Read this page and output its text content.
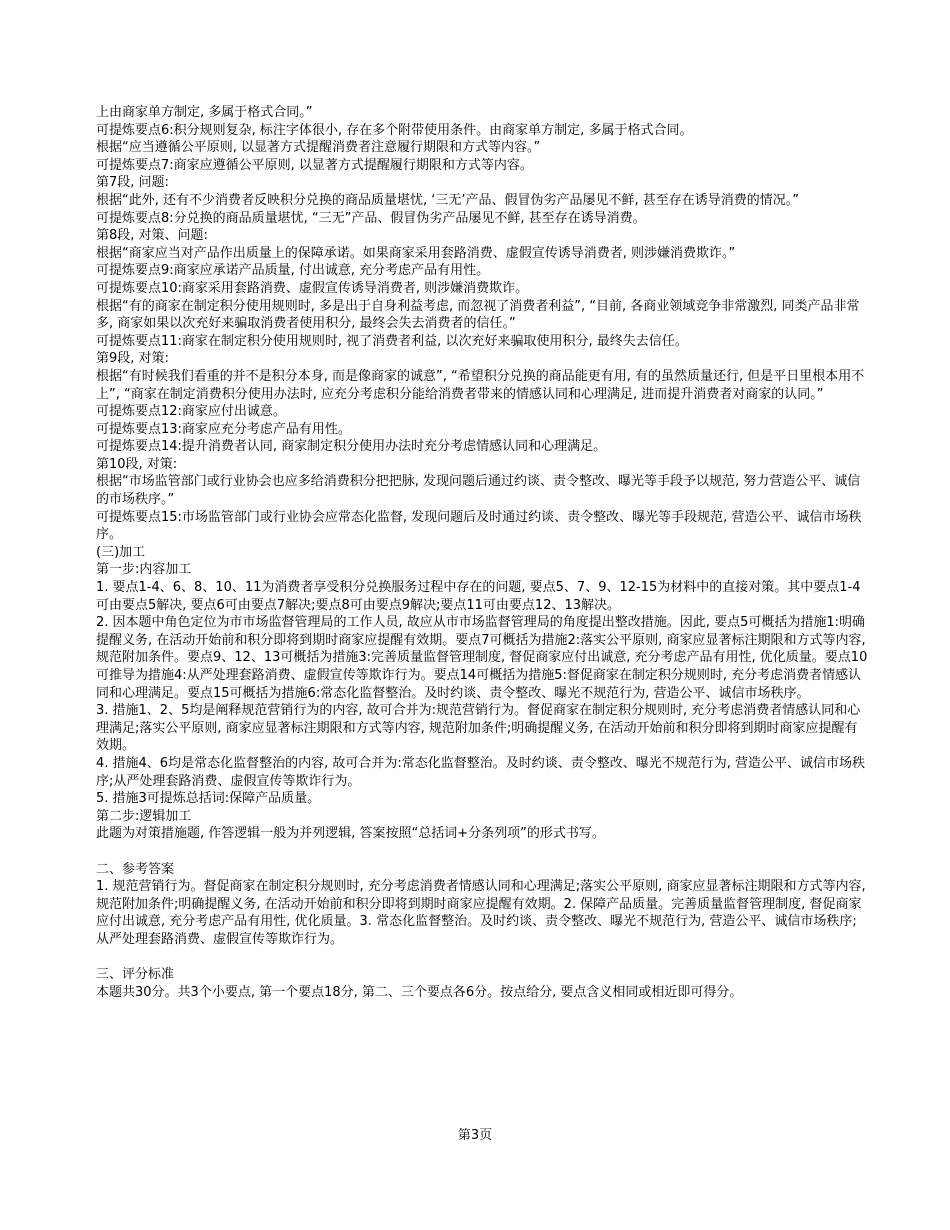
上由商家单方制定, 多属于格式合同。”
可提炼要点6:积分规则复杂, 标注字体很小, 存在多个附带使用条件。由商家单方制定, 多属于格式合同。
根据“应当遵循公平原则, 以显著方式提醒消费者注意履行期限和方式等内容。”
可提炼要点7:商家应遵循公平原则, 以显著方式提醒履行期限和方式等内容。
第7段, 问题:
根据“此外, 还有不少消费者反映积分兑换的商品质量堪忧, ‘三无’产品、假冒伪劣产品屡见不鲜, 甚至存在诱导消费的情况。”
可提炼要点8:分兑换的商品质量堪忧, “三无”产品、假冒伪劣产品屡见不鲜, 甚至存在诱导消费。
第8段, 对策、问题:
根据“商家应当对产品作出质量上的保障承诺。如果商家采用套路消费、虚假宣传诱导消费者, 则涉嫌消费欺诈。”
可提炼要点9:商家应承诺产品质量, 付出诚意, 充分考虑产品有用性。
可提炼要点10:商家采用套路消费、虚假宣传诱导消费者, 则涉嫌消费欺诈。
根据“有的商家在制定积分使用规则时, 多是出于自身利益考虑, 而忽视了消费者利益”, “目前, 各商业领域竞争非常激烈, 同类产品非常多, 商家如果以次充好来骗取消费者使用积分, 最终会失去消费者的信任。”
可提炼要点11:商家在制定积分使用规则时, 视了消费者利益, 以次充好来骗取使用积分, 最终失去信任。
第9段, 对策:
根据“有时候我们看重的并不是积分本身, 而是像商家的诚意”, “希望积分兑换的商品能更有用, 有的虽然质量还行, 但是平日里根本用不上”, “商家在制定消费积分使用办法时, 应充分考虑积分能给消费者带来的情感认同和心理满足, 进而提升消费者对商家的认同。”
可提炼要点12:商家应付出诚意。
可提炼要点13:商家应充分考虑产品有用性。
可提炼要点14:提升消费者认同, 商家制定积分使用办法时充分考虑情感认同和心理满足。
第10段, 对策:
根据“市场监管部门或行业协会也应多给消费积分把把脉, 发现问题后通过约谈、责令整改、曝光等手段予以规范, 努力营造公平、诚信的市场秩序。”
可提炼要点15:市场监管部门或行业协会应常态化监督, 发现问题后及时通过约谈、责令整改、曝光等手段规范, 营造公平、诚信市场秩序。
(三)加工
第一步:内容加工
1. 要点1-4、6、8、10、11为消费者享受积分兑换服务过程中存在的问题, 要点5、7、9、12-15为材料中的直接对策。其中要点1-4可由要点5解决, 要点6可由要点7解决;要点8可由要点9解决;要点11可由要点12、13解决。
2. 因本题中角色定位为市市场监督管理局的工作人员, 故应从市市场监督管理局的角度提出整改措施。因此, 要点5可概括为措施1:明确提醒义务, 在活动开始前和积分即将到期时商家应提醒有效期。要点7可概括为措施2:落实公平原则, 商家应显著标注期限和方式等内容, 规范附加条件。要点9、12、13可概括为措施3:完善质量监督管理制度, 督促商家应付出诚意, 充分考虑产品有用性, 优化质量。要点10可推导为措施4:从严处理套路消费、虚假宣传等欺诈行为。要点14可概括为措施5:督促商家在制定积分规则时, 充分考虑消费者情感认同和心理满足。要点15可概括为措施6:常态化监督整治。及时约谈、责令整改、曝光不规范行为, 营造公平、诚信市场秩序。
3. 措施1、2、5均是阐释规范营销行为的内容, 故可合并为:规范营销行为。督促商家在制定积分规则时, 充分考虑消费者情感认同和心理满足;落实公平原则, 商家应显著标注期限和方式等内容, 规范附加条件;明确提醒义务, 在活动开始前和积分即将到期时商家应提醒有效期。
4. 措施4、6均是常态化监督整治的内容, 故可合并为:常态化监督整治。及时约谈、责令整改、曝光不规范行为, 营造公平、诚信市场秩序;从严处理套路消费、虚假宣传等欺诈行为。
5. 措施3可提炼总括词:保障产品质量。
第二步:逻辑加工
此题为对策措施题, 作答逻辑一般为并列逻辑, 答案按照“总括词+分条列项”的形式书写。
二、参考答案
1. 规范营销行为。督促商家在制定积分规则时, 充分考虑消费者情感认同和心理满足;落实公平原则, 商家应显著标注期限和方式等内容, 规范附加条件;明确提醒义务, 在活动开始前和积分即将到期时商家应提醒有效期。2. 保障产品质量。完善质量监督管理制度, 督促商家应付出诚意, 充分考虑产品有用性, 优化质量。3. 常态化监督整治。及时约谈、责令整改、曝光不规范行为, 营造公平、诚信市场秩序;从严处理套路消费、虚假宣传等欺诈行为。
三、评分标准
本题共30分。共3个小要点, 第一个要点18分, 第二、三个要点各6分。按点给分, 要点含义相同或相近即可得分。
第3页
